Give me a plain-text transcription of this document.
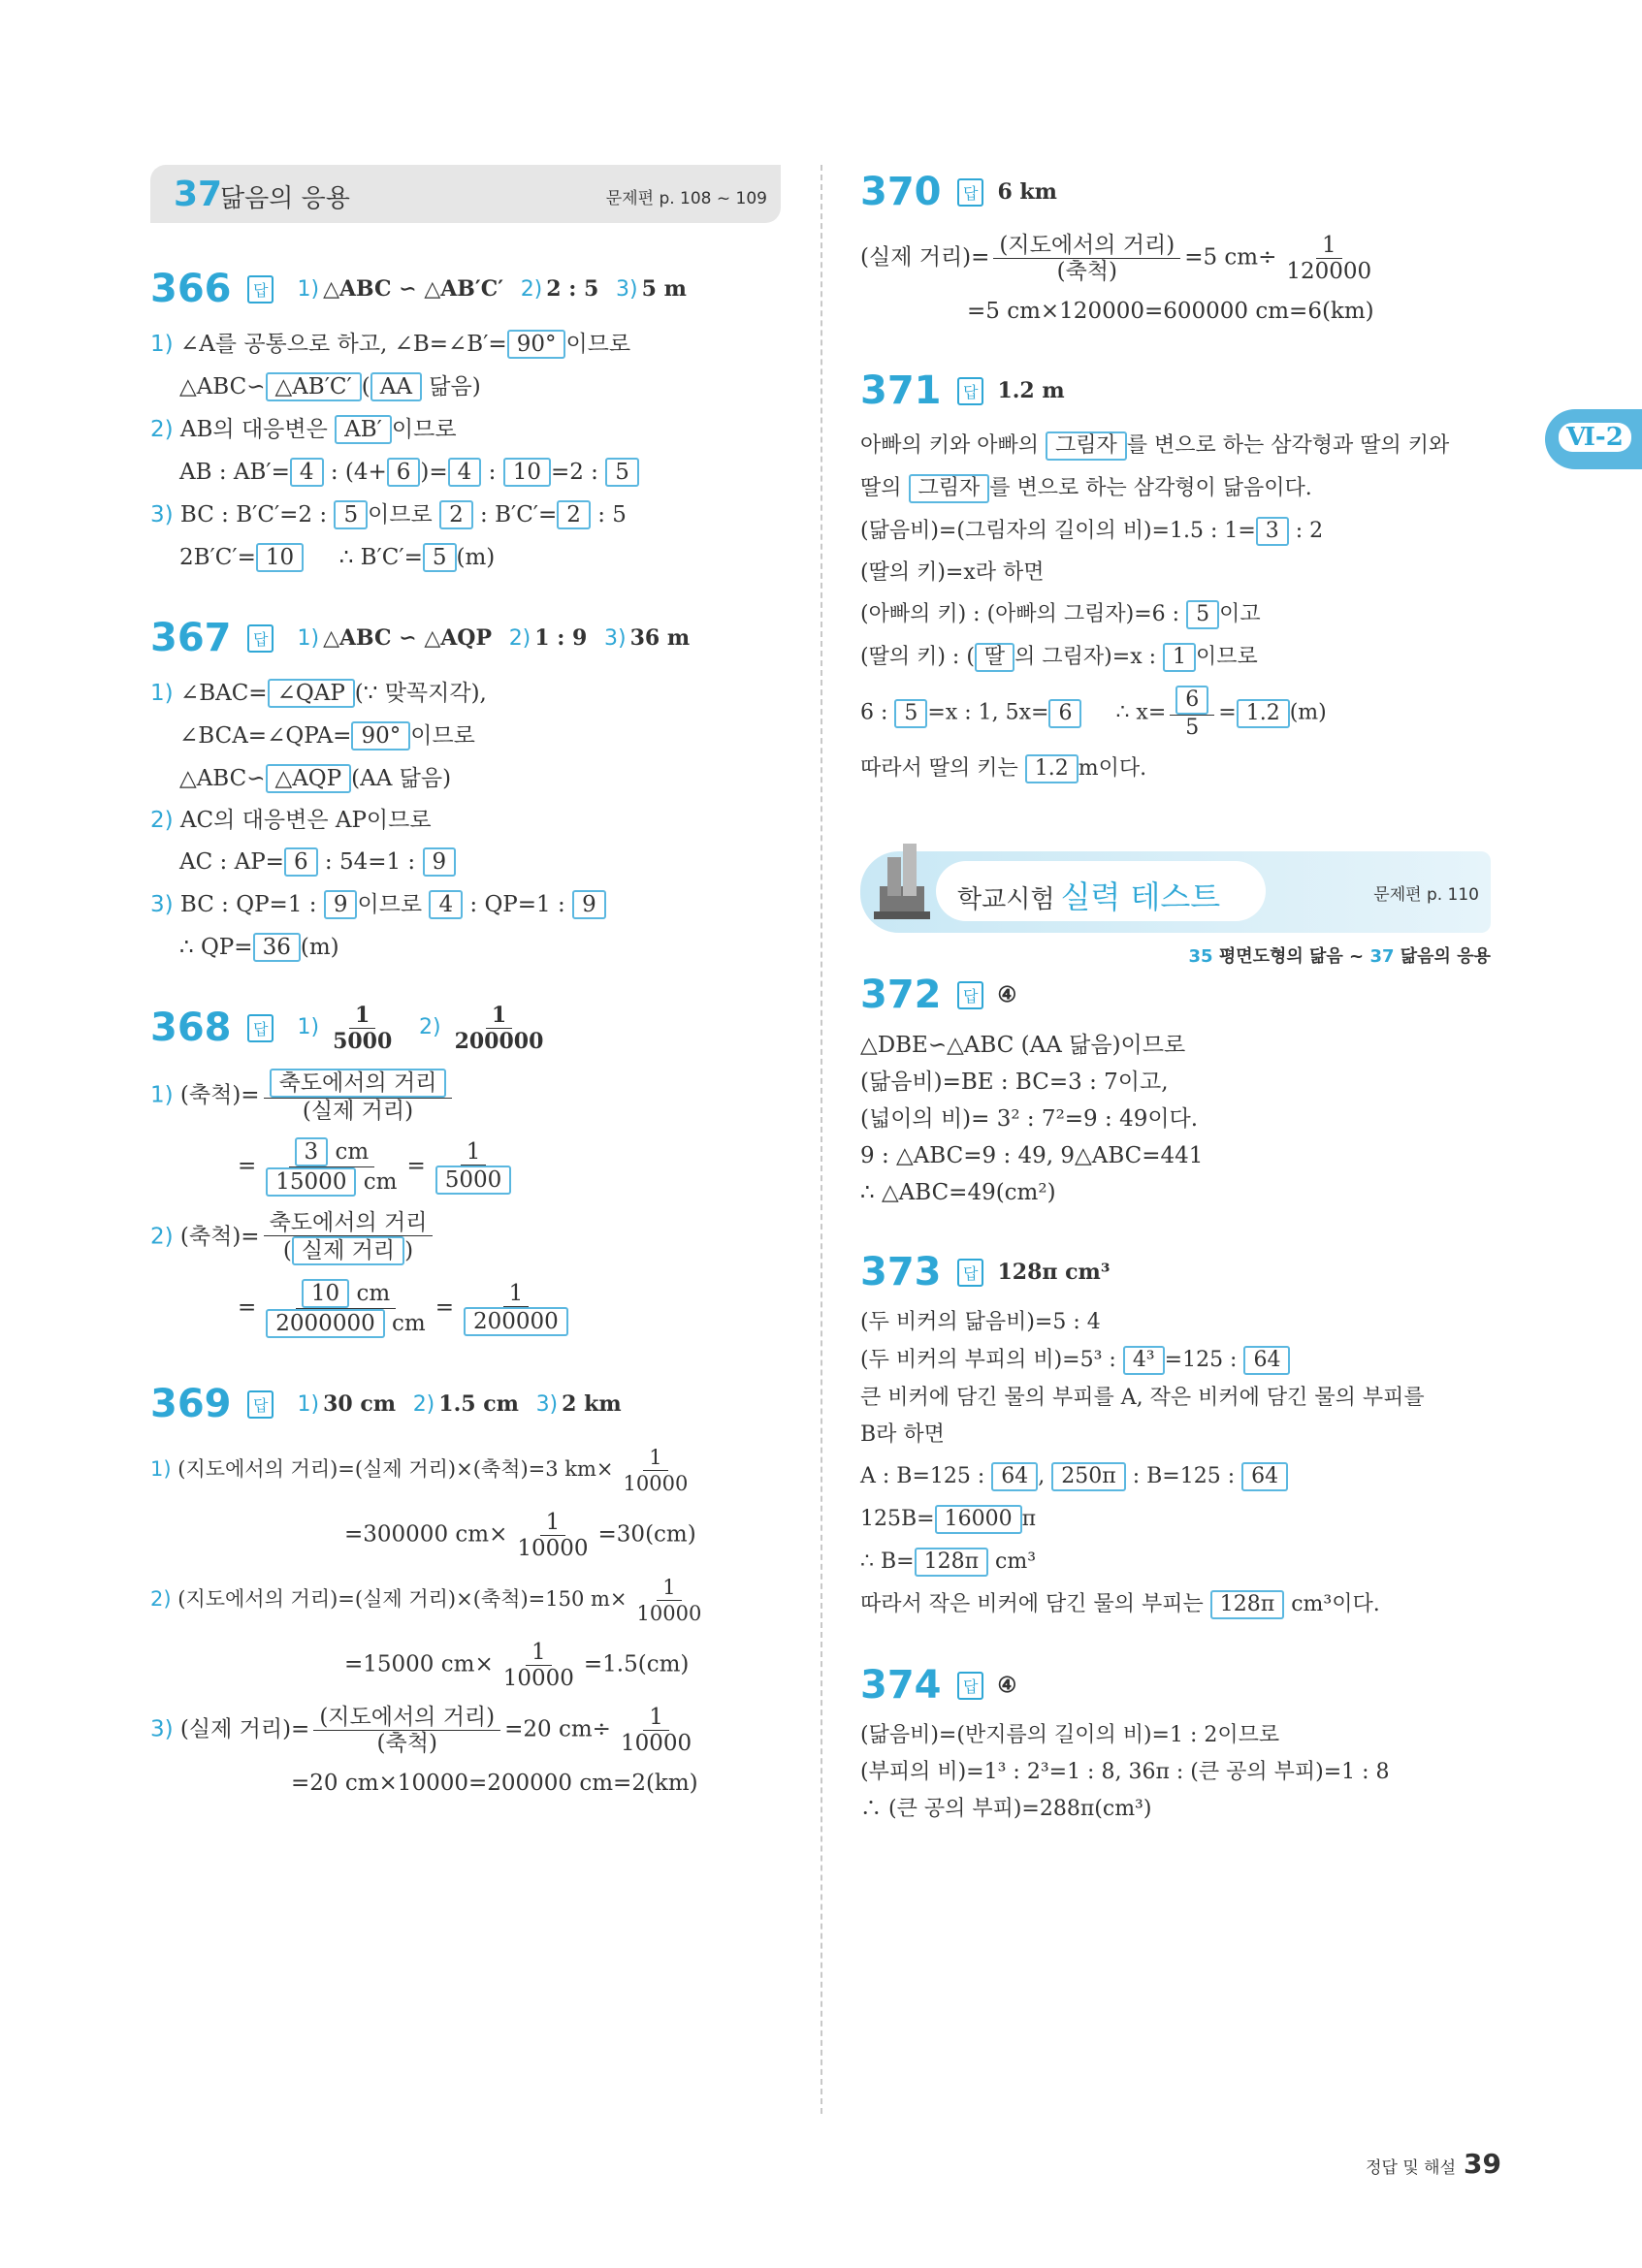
Ⅵ-2
37
닮음의 응용	문제편 p. 108 ~ 109
366	답	1) △ABC ∽ △AB′C′ 2) 2 : 5 3) 5 m
1) ∠A를 공통으로 하고, ∠B=∠B′= 90° 이므로
△ABC∽ △AB′C′ ( AA 닮음)
2) AB의 대응변은 AB′ 이므로
AB : AB′= 4 : (4+ 6 )= 4 : 10 =2 : 5
3) BC : B′C′=2 : 5 이므로 2 : B′C′= 2 : 5
2B′C′= 10 ∴ B′C′= 5 (m)
367	답	1) △ABC ∽ △AQP 2) 1 : 9 3) 36 m
1) ∠BAC= ∠QAP (∵ 맞꼭지각),
∠BCA=∠QPA= 90° 이므로
△ABC∽ △AQP (AA 닮음)
2) AC의 대응변은 AP이므로
AC : AP= 6 : 54=1 : 9
3) BC : QP=1 : 9 이므로 4 : QP=1 : 9
∴ QP= 36 (m)
368	답	$1) \frac{1}{5000} 2) \frac{1}{200000}$
1) (축척)= 축도에서의 거리
(실제 거리)
= $\frac{3 cm}{15000 cm} = \frac{1}{5000}$
2) (축척)=
축도에서의 거리
( 실제 거리 )
= $\frac{10 cm}{2000000 cm} = \frac{1}{200000}$
369	답	1) 30 cm 2) 1.5 cm 3) 2 km
1) (지도에서의 거리)=(실제 거리)×(축척)=3 $km\times \frac{1}{10000}$
=300000 $cm\times \frac{1}{10000} =30(cm)$
2) (지도에서의 거리)=(실제 거리)×(축척)=150 $m\times \frac{1}{10000}$
=15000 $cm\times \frac{1}{10000} =1.5(cm)$
3) (실제 거리)= (지도에서의 거리)
(축척)
=20 $cm\div \frac{1}{10000}$
=20 cm×10000=200000 cm=2(km)
370	답 6 km
(실제 거리)= (지도에서의 거리)
(축척)
=5 $cm\div \frac{1}{120000}$
=5 cm×120000=600000 cm=6(km)
371	답 1.2 m
아빠의 키와 아빠의 그림자 를 변으로 하는 삼각형과 딸의 키와
딸의 그림자 를 변으로 하는 삼각형이 닮음이다.
(닮음비)=(그림자의 길이의 비)=1.5 : 1= 3 : 2
(딸의 키)=x라 하면
(아빠의 키) : (아빠의 그림자)=6 : 5 이고
(딸의 키) : ( 딸 의 그림자)=x : 1 이므로
6 : 5 =x : 1, 5x= 6 ∴ $x= \frac{6}{5} = 1.2$ (m)
따라서 딸의 키는 1.2 m이다.
학교시험 실력 테스트	문제편 p. 110
35 평면도형의 닮음 ~ 37 닮음의 응용
372	답 ④
△DBE∽△ABC (AA 닮음)이므로
(닮음비)=BE : BC=3 : 7이고,
(넓이의 비)= 3² : 7²=9 : 49이다.
9 : △ABC=9 : 49, 9△ABC=441
∴ △ABC=49(cm²)
373	답 128π cm³
(두 비커의 닮음비)=5 : 4
(두 비커의 부피의 비)=5³ : 4³ =125 : 64
큰 비커에 담긴 물의 부피를 A, 작은 비커에 담긴 물의 부피를
B라 하면
A : B=125 : 64 , 250π : B=125 : 64
125B= 16000 π
∴ B= 128π cm³
따라서 작은 비커에 담긴 물의 부피는 128π cm³이다.
374	답 ④
(닮음비)=(반지름의 길이의 비)=1 : 2이므로
(부피의 비)=1³ : 2³=1 : 8, 36π : (큰 공의 부피)=1 : 8
∴ (큰 공의 부피)=288π(cm³)
정답 및 해설 39
